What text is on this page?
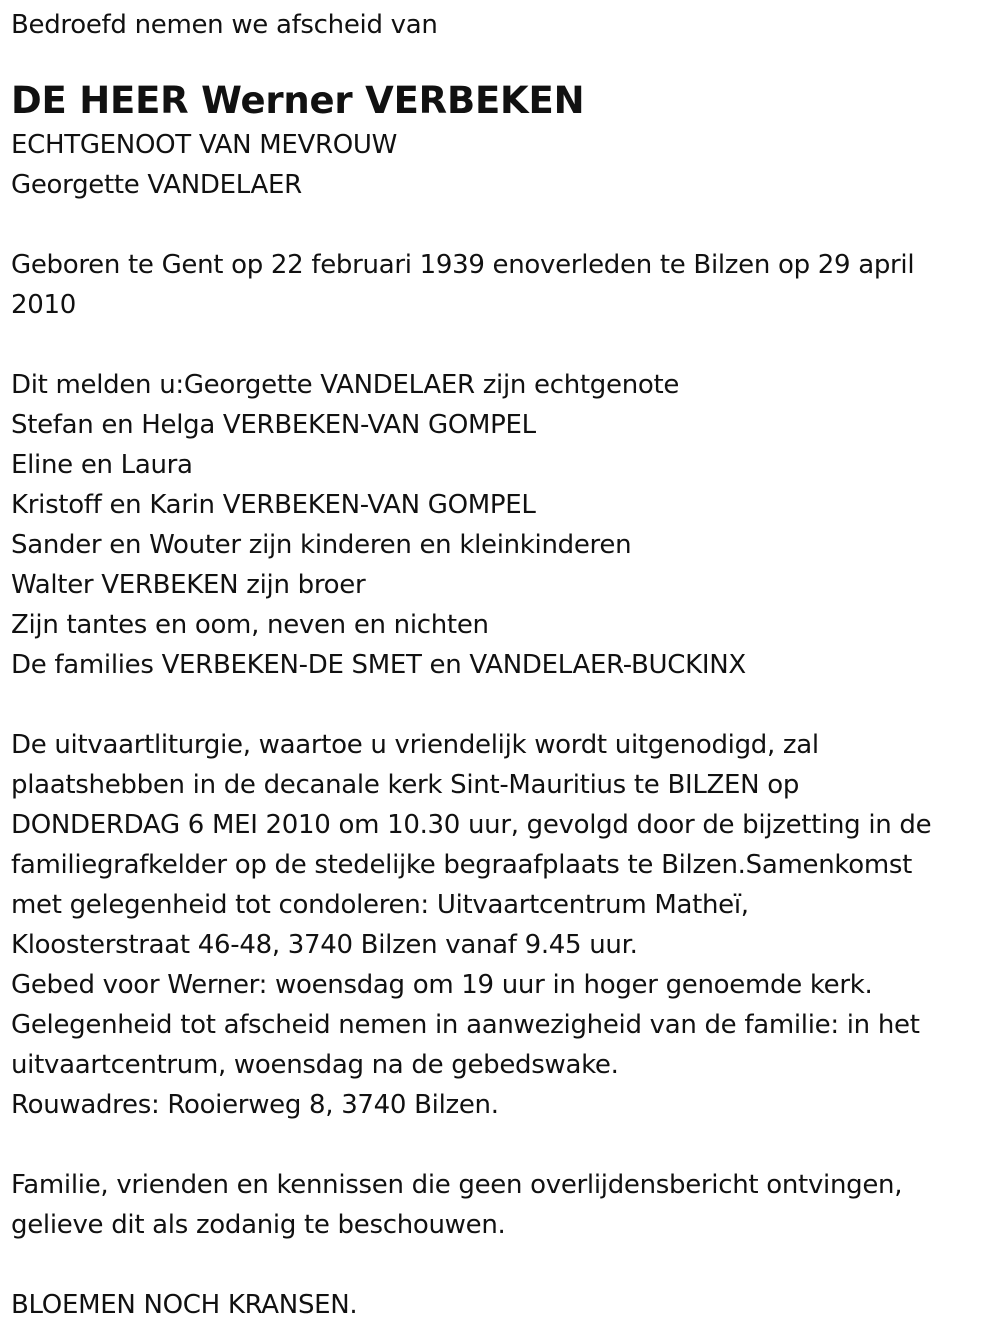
Bedroefd nemen we afscheid van
DE HEER Werner VERBEKEN
ECHTGENOOT VAN MEVROUW
Georgette VANDELAER
Geboren te Gent op 22 februari 1939 enoverleden te Bilzen op 29 april
2010
Dit melden u:Georgette VANDELAER zijn echtgenote
Stefan en Helga VERBEKEN-VAN GOMPEL
Eline en Laura
Kristoff en Karin VERBEKEN-VAN GOMPEL
Sander en Wouter zijn kinderen en kleinkinderen
Walter VERBEKEN zijn broer
Zijn tantes en oom, neven en nichten
De families VERBEKEN-DE SMET en VANDELAER-BUCKINX
De uitvaartliturgie, waartoe u vriendelijk wordt uitgenodigd, zal
plaatshebben in de decanale kerk Sint-Mauritius te BILZEN op
DONDERDAG 6 MEI 2010 om 10.30 uur, gevolgd door de bijzetting in de
familiegrafkelder op de stedelijke begraafplaats te Bilzen.Samenkomst
met gelegenheid tot condoleren: Uitvaartcentrum Matheï,
Kloosterstraat 46-48, 3740 Bilzen vanaf 9.45 uur.
Gebed voor Werner: woensdag om 19 uur in hoger genoemde kerk.
Gelegenheid tot afscheid nemen in aanwezigheid van de familie: in het
uitvaartcentrum, woensdag na de gebedswake.
Rouwadres: Rooierweg 8, 3740 Bilzen.
Familie, vrienden en kennissen die geen overlijdensbericht ontvingen,
gelieve dit als zodanig te beschouwen.
BLOEMEN NOCH KRANSEN.
